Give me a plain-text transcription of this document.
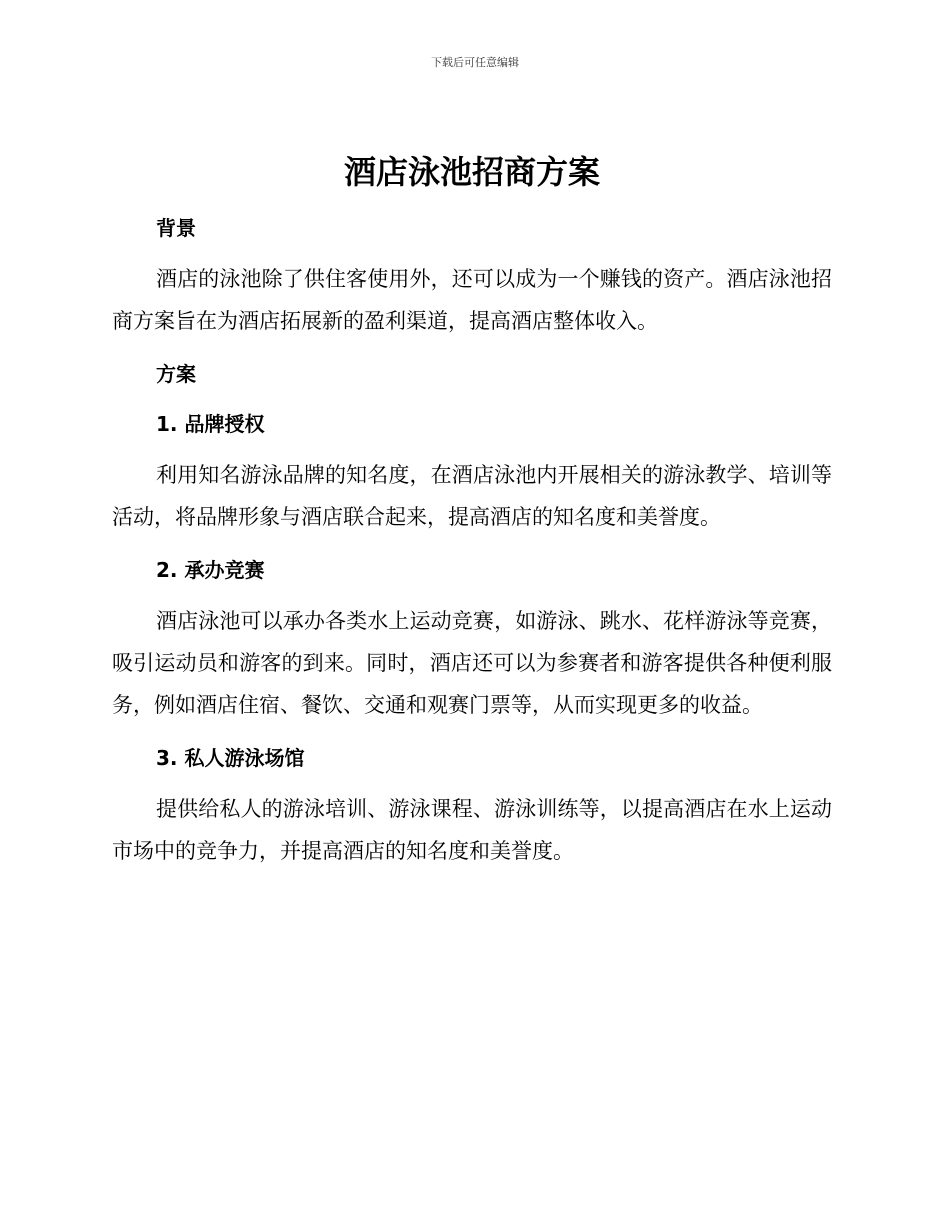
下载后可任意编辑
酒店泳池招商方案
背景

酒店的泳池除了供住客使用外，还可以成为一个赚钱的资产。酒店泳池招商方案旨在为酒店拓展新的盈利渠道，提高酒店整体收入。

方案
1. 品牌授权

利用知名游泳品牌的知名度，在酒店泳池内开展相关的游泳教学、培训等活动，将品牌形象与酒店联合起来，提高酒店的知名度和美誉度。

2. 承办竞赛

酒店泳池可以承办各类水上运动竞赛，如游泳、跳水、花样游泳等竞赛，吸引运动员和游客的到来。同时，酒店还可以为参赛者和游客提供各种便利服务，例如酒店住宿、餐饮、交通和观赛门票等，从而实现更多的收益。

3. 私人游泳场馆

提供给私人的游泳培训、游泳课程、游泳训练等，以提高酒店在水上运动市场中的竞争力，并提高酒店的知名度和美誉度。
